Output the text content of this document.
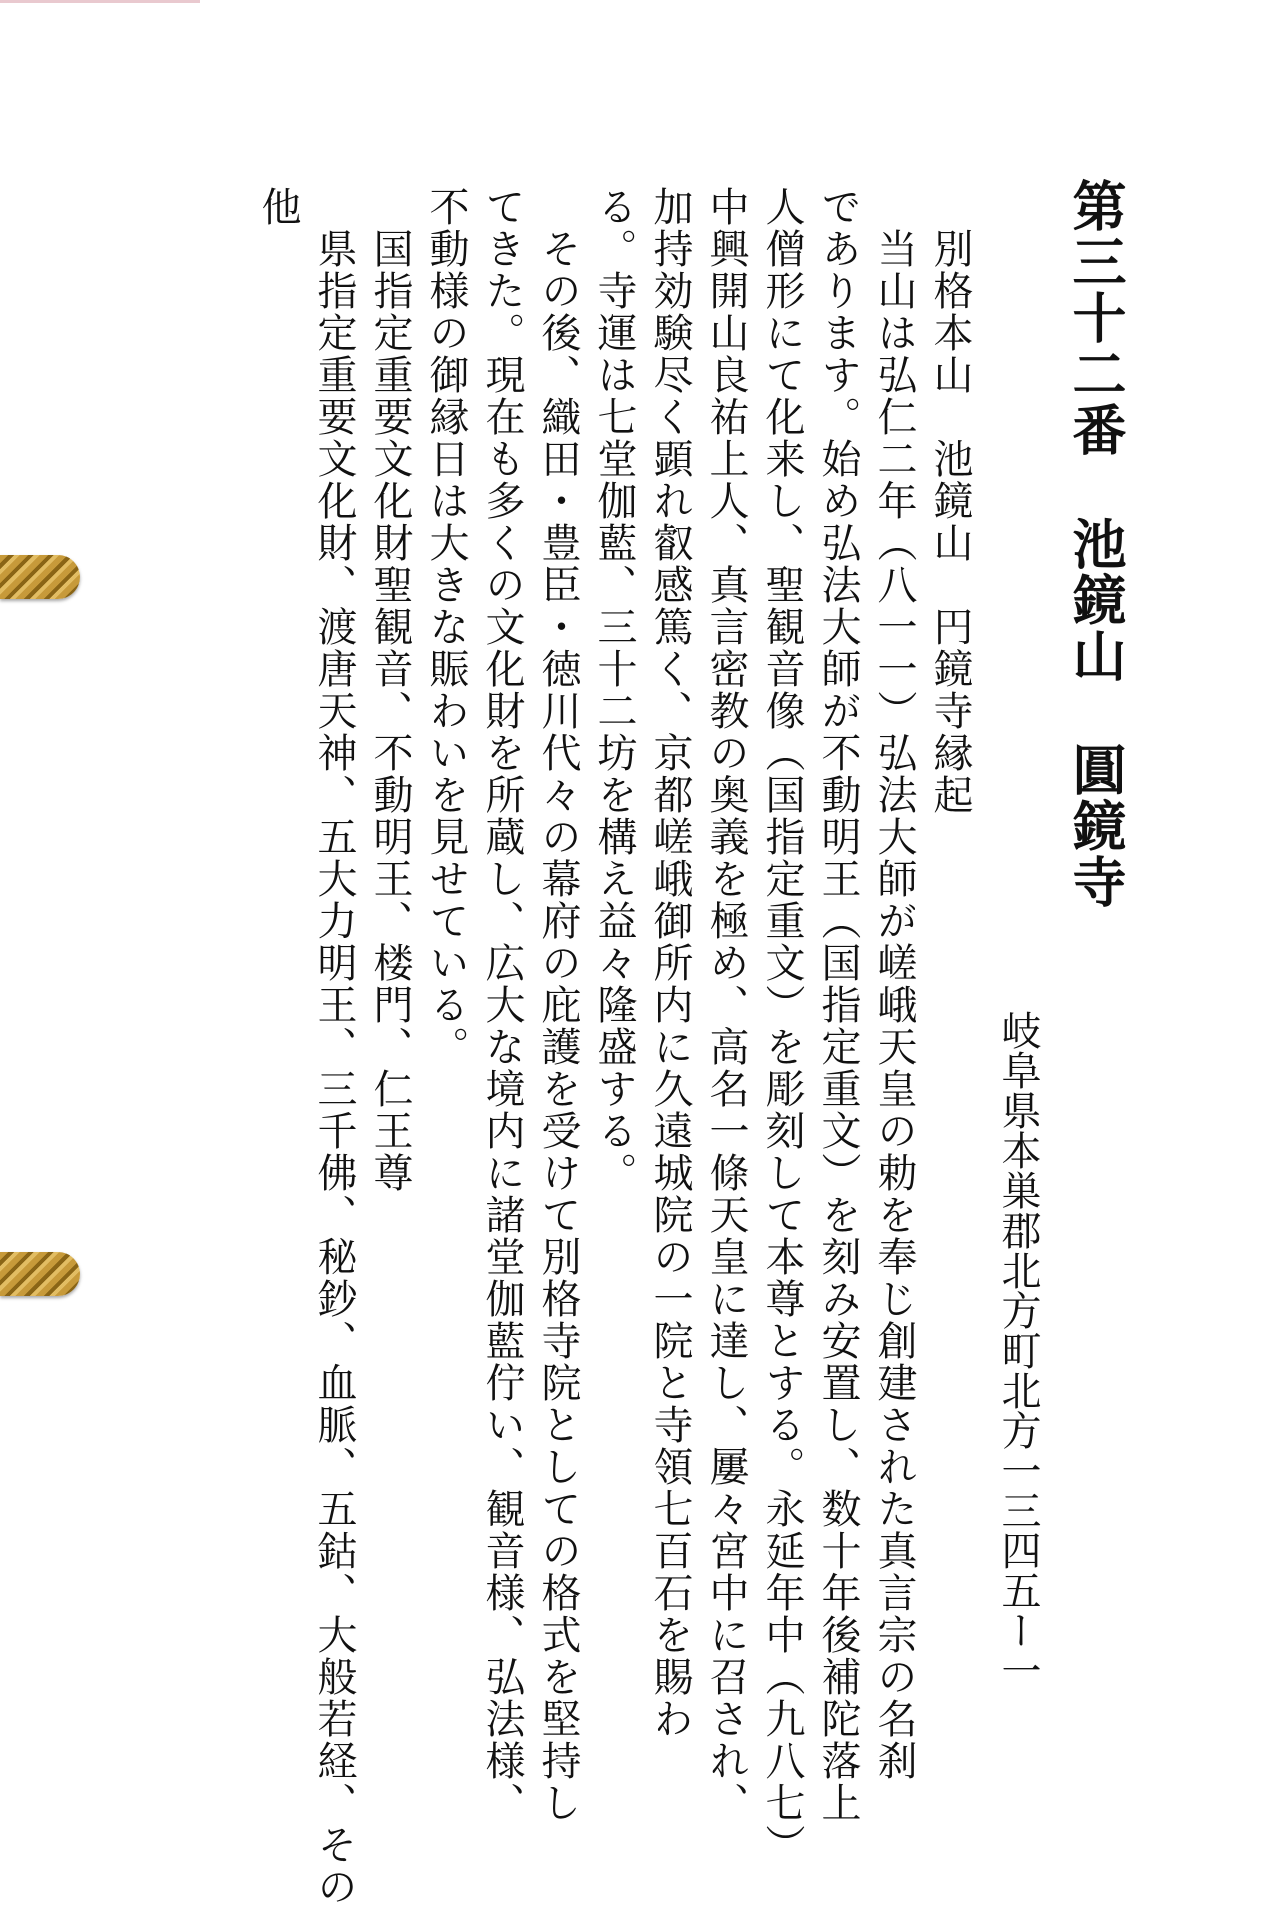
第三十二番池鏡山圓鏡寺
岐阜県本巣郡北方町北方一三四五ー一
別格本山　池鏡山　円鏡寺縁起
当山は弘仁二年（八一一）弘法大師が嵯峨天皇の勅を奉じ創建された真言宗の名刹
であります。始め弘法大師が不動明王（国指定重文）を刻み安置し、数十年後補陀落上
人僧形にて化来し、聖観音像（国指定重文）を彫刻して本尊とする。永延年中（九八七）
中興開山良祐上人、真言密教の奥義を極め、高名一條天皇に達し、屢々宮中に召され、
加持効験尽く顕れ叡感篤く、京都嵯峨御所内に久遠城院の一院と寺領七百石を賜わ
る。寺運は七堂伽藍、三十二坊を構え益々隆盛する。
その後、織田・豊臣・徳川代々の幕府の庇護を受けて別格寺院としての格式を堅持し
てきた。現在も多くの文化財を所蔵し、広大な境内に諸堂伽藍佇い、観音様、弘法様、
不動様の御縁日は大きな賑わいを見せている。
国指定重要文化財聖観音、不動明王、楼門、仁王尊
県指定重要文化財、渡唐天神、五大力明王、三千佛、秘鈔、血脈、五鈷、大般若経、その
他
